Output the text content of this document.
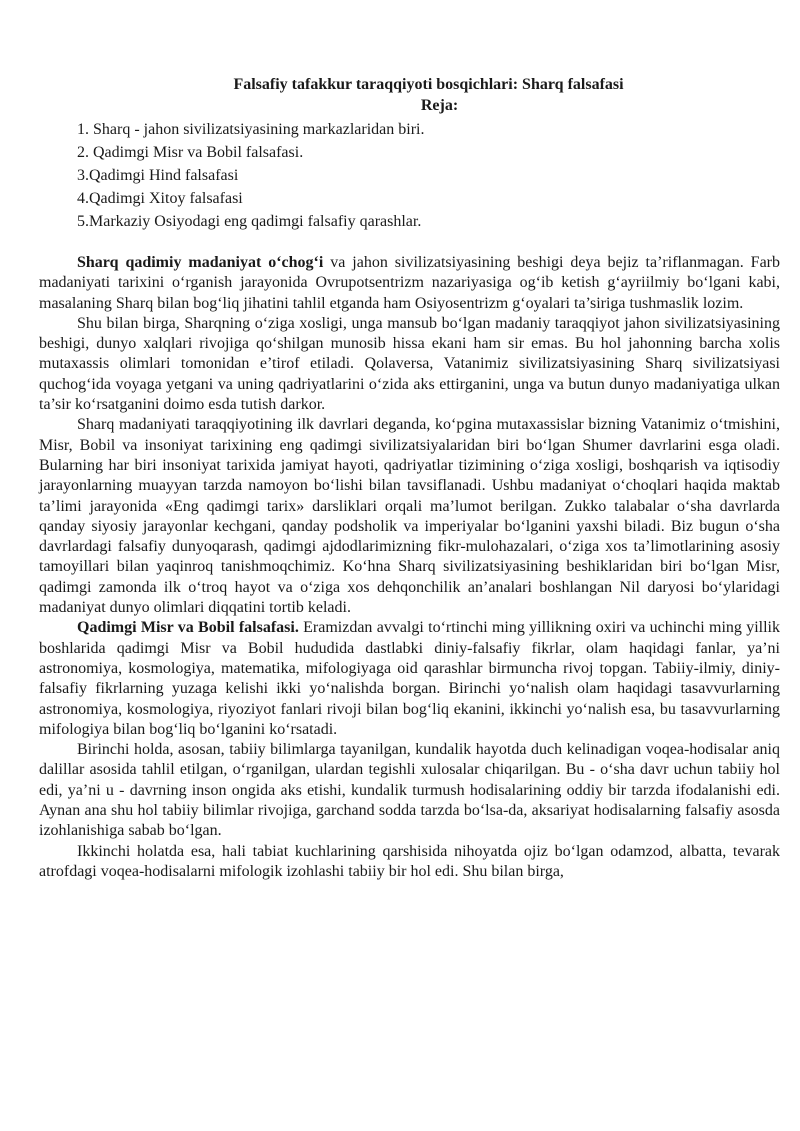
Falsafiy tafakkur taraqqiyoti bosqichlari: Sharq falsafasi
Reja:
1. Sharq - jahon sivilizatsiyasining markazlaridan biri.
2. Qadimgi Misr va Bobil falsafasi.
3.Qadimgi Hind falsafasi
4.Qadimgi Xitoy falsafasi
5.Markaziy Osiyodagi eng qadimgi falsafiy qarashlar.

Sharq qadimiy madaniyat o‘chog‘i va jahon sivilizatsiyasining beshigi deya bejiz ta’riflanmagan. Farb madaniyati tarixini o‘rganish jarayonida Ovrupotsentrizm nazariyasiga og‘ib ketish g‘ayriilmiy bo‘lgani kabi, masalaning Sharq bilan bog‘liq jihatini tahlil etganda ham Osiyosentrizm g‘oyalari ta’siriga tushmaslik lozim.

Shu bilan birga, Sharqning o‘ziga xosligi, unga mansub bo‘lgan madaniy taraqqiyot jahon sivilizatsiyasining beshigi, dunyo xalqlari rivojiga qo‘shilgan munosib hissa ekani ham sir emas. Bu hol jahonning barcha xolis mutaxassis olimlari tomonidan e’tirof etiladi. Qolaversa, Vatanimiz sivilizatsiyasining Sharq sivilizatsiyasi quchog‘ida voyaga yetgani va uning qadriyatlarini o‘zida aks ettirganini, unga va butun dunyo madaniyatiga ulkan ta’sir ko‘rsatganini doimo esda tutish darkor.

Sharq madaniyati taraqqiyotining ilk davrlari deganda, ko‘pgina mutaxassislar bizning Vatanimiz o‘tmishini, Misr, Bobil va insoniyat tarixining eng qadimgi sivilizatsiyalaridan biri bo‘lgan Shumer davrlarini esga oladi. Bularning har biri insoniyat tarixida jamiyat hayoti, qadriyatlar tizimining o‘ziga xosligi, boshqarish va iqtisodiy jarayonlarning muayyan tarzda namoyon bo‘lishi bilan tavsiflanadi. Ushbu madaniyat o‘choqlari haqida maktab ta’limi jarayonida «Eng qadimgi tarix» darsliklari orqali ma’lumot berilgan. Zukko talabalar o‘sha davrlarda qanday siyosiy jarayonlar kechgani, qanday podsholik va imperiyalar bo‘lganini yaxshi biladi. Biz bugun o‘sha davrlardagi falsafiy dunyoqarash, qadimgi ajdodlarimizning fikr-mulohazalari, o‘ziga xos ta’limotlarining asosiy tamoyillari bilan yaqinroq tanishmoqchimiz. Ko‘hna Sharq sivilizatsiyasining beshiklaridan biri bo‘lgan Misr, qadimgi zamonda ilk o‘troq hayot va o‘ziga xos dehqonchilik an’analari boshlangan Nil daryosi bo‘ylaridagi madaniyat dunyo olimlari diqqatini tortib keladi.

Qadimgi Misr va Bobil falsafasi. Eramizdan avvalgi to‘rtinchi ming yillikning oxiri va uchinchi ming yillik boshlarida qadimgi Misr va Bobil hududida dastlabki diniy-falsafiy fikrlar, olam haqidagi fanlar, ya’ni astronomiya, kosmologiya, matematika, mifologiyaga oid qarashlar birmuncha rivoj topgan. Tabiiy-ilmiy, diniy-falsafiy fikrlarning yuzaga kelishi ikki yo‘nalishda borgan. Birinchi yo‘nalish olam haqidagi tasavvurlarning astronomiya, kosmologiya, riyoziyot fanlari rivoji bilan bog‘liq ekanini, ikkinchi yo‘nalish esa, bu tasavvurlarning mifologiya bilan bog‘liq bo‘lganini ko‘rsatadi.

Birinchi holda, asosan, tabiiy bilimlarga tayanilgan, kundalik hayotda duch kelinadigan voqea-hodisalar aniq dalillar asosida tahlil etilgan, o‘rganilgan, ulardan tegishli xulosalar chiqarilgan. Bu - o‘sha davr uchun tabiiy hol edi, ya’ni u - davrning inson ongida aks etishi, kundalik turmush hodisalarining oddiy bir tarzda ifodalanishi edi. Aynan ana shu hol tabiiy bilimlar rivojiga, garchand sodda tarzda bo‘lsa-da, aksariyat hodisalarning falsafiy asosda izohlanishiga sabab bo‘lgan.

Ikkinchi holatda esa, hali tabiat kuchlarining qarshisida nihoyatda ojiz bo‘lgan odamzod, albatta, tevarak atrofdagi voqea-hodisalarni mifologik izohlashi tabiiy bir hol edi. Shu bilan birga,
